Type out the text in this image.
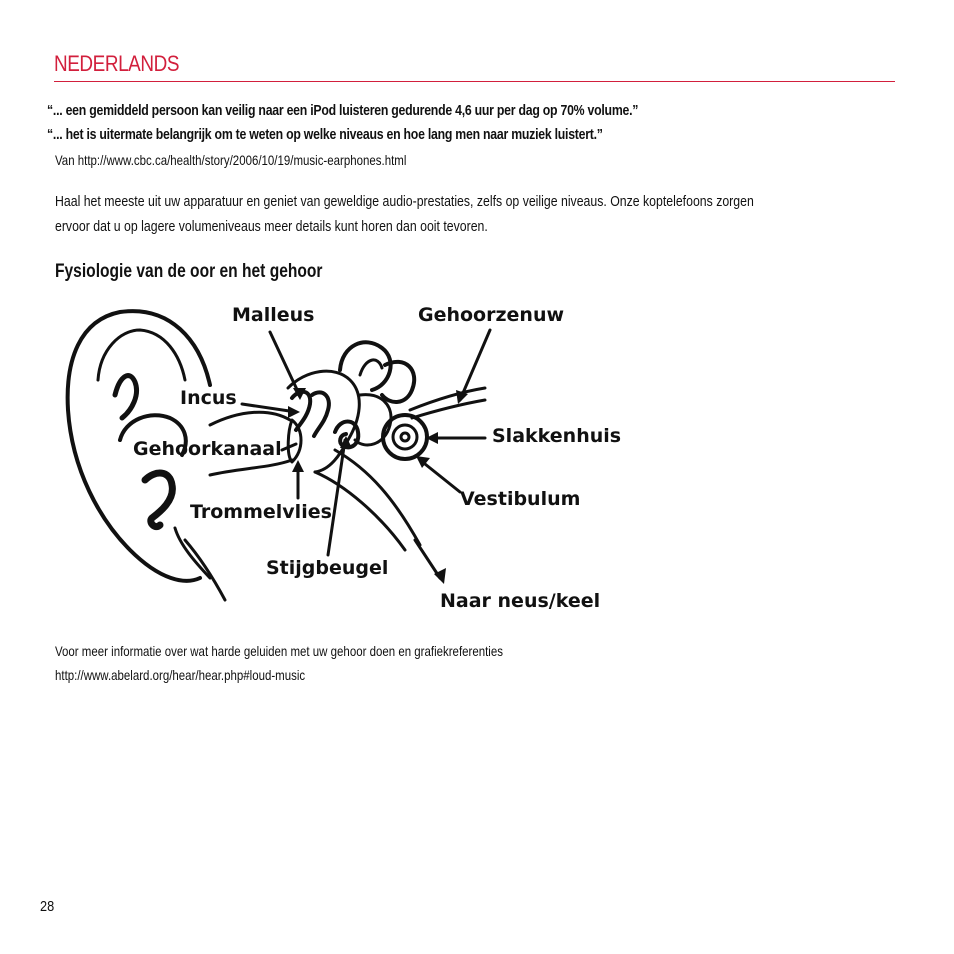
NEDERLANDS
“... een gemiddeld persoon kan veilig naar een iPod luisteren gedurende 4,6 uur per dag op 70% volume.”
“... het is uitermate belangrijk om te weten op welke niveaus en hoe lang men naar muziek luistert.”
Van http://www.cbc.ca/health/story/2006/10/19/music-earphones.html
Haal het meeste uit uw apparatuur en geniet van geweldige audio-prestaties, zelfs op veilige niveaus. Onze koptelefoons zorgen
ervoor dat u op lagere volumeniveaus meer details kunt horen dan ooit tevoren.
Fysiologie van de oor en het gehoor
Malleus	Gehoorzenuw
Incus
Slakkenhuis
Gehoorkanaal
Vestibulum
Trommelvlies
Stijgbeugel
Naar neus/keel
Voor meer informatie over wat harde geluiden met uw gehoor doen en grafiekreferenties
http://www.abelard.org/hear/hear.php#loud-music
28
